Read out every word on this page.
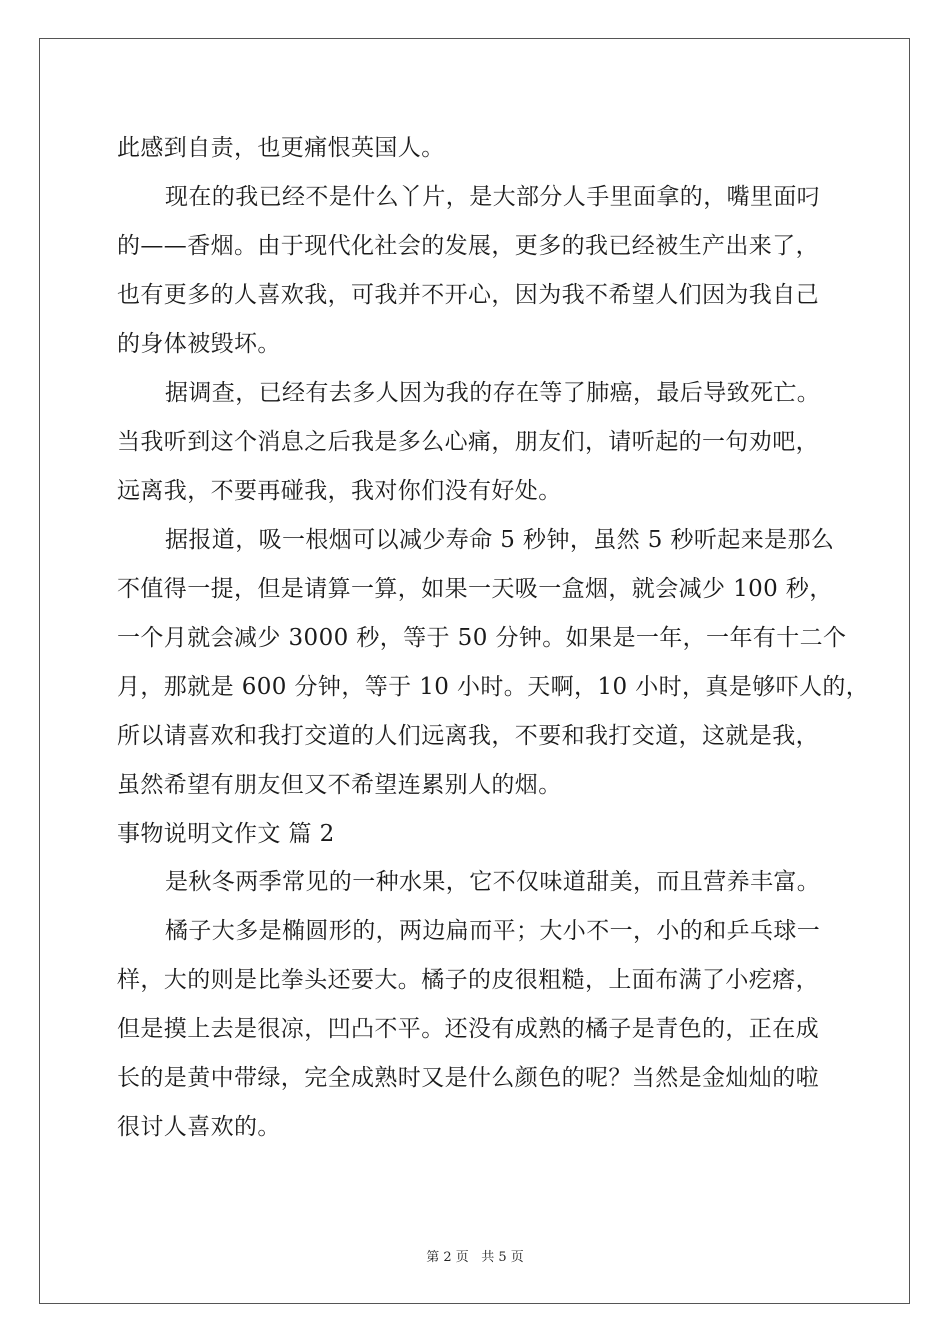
此感到自责，也更痛恨英国人。
现在的我已经不是什么丫片，是大部分人手里面拿的，嘴里面叼
的——香烟。由于现代化社会的发展，更多的我已经被生产出来了，
也有更多的人喜欢我，可我并不开心，因为我不希望人们因为我自己
的身体被毁坏。
据调查，已经有去多人因为我的存在等了肺癌，最后导致死亡。
当我听到这个消息之后我是多么心痛，朋友们，请听起的一句劝吧，
远离我，不要再碰我，我对你们没有好处。
据报道，吸一根烟可以减少寿命 5 秒钟，虽然 5 秒听起来是那么
不值得一提，但是请算一算，如果一天吸一盒烟，就会减少 100 秒，
一个月就会减少 3000 秒，等于 50 分钟。如果是一年，一年有十二个
月，那就是 600 分钟，等于 10 小时。天啊，10 小时，真是够吓人的，
所以请喜欢和我打交道的人们远离我，不要和我打交道，这就是我，
虽然希望有朋友但又不希望连累别人的烟。
事物说明文作文 篇 2
是秋冬两季常见的一种水果，它不仅味道甜美，而且营养丰富。
橘子大多是椭圆形的，两边扁而平；大小不一，小的和乒乓球一
样，大的则是比拳头还要大。橘子的皮很粗糙，上面布满了小疙瘩，
但是摸上去是很凉，凹凸不平。还没有成熟的橘子是青色的，正在成
长的是黄中带绿，完全成熟时又是什么颜色的呢？当然是金灿灿的啦
很讨人喜欢的。
第 2 页   共 5 页
